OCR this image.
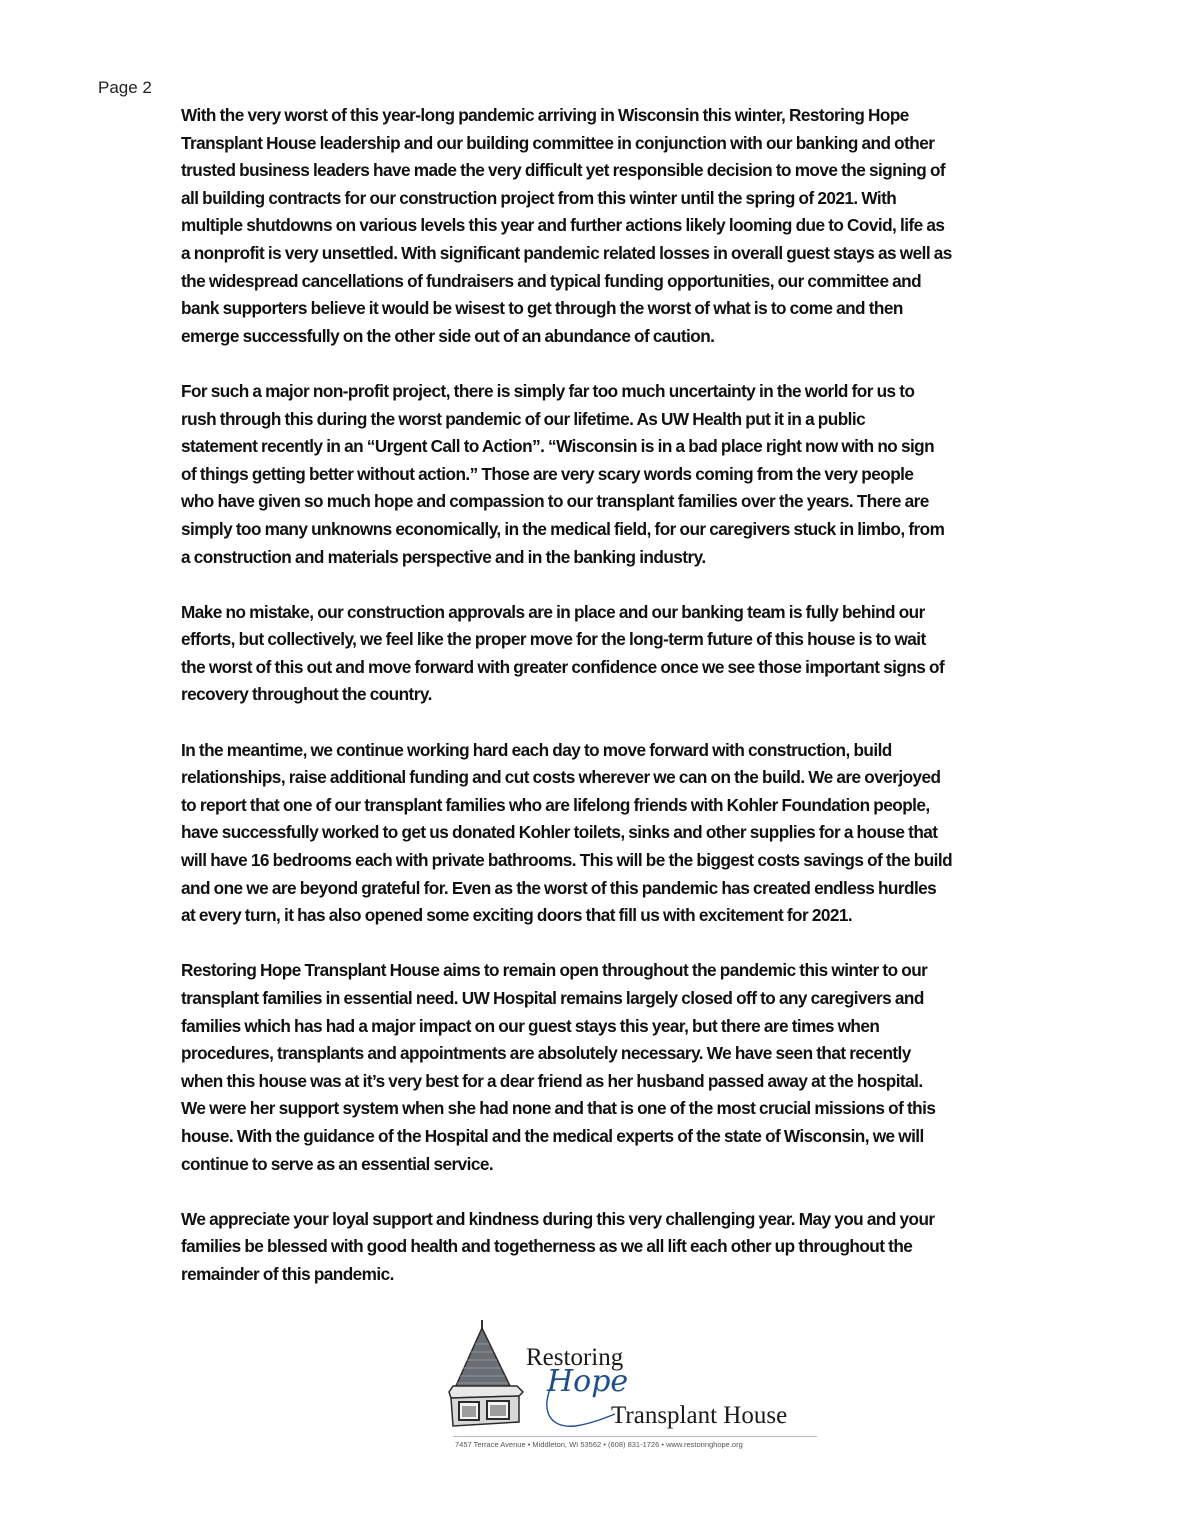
Page 2
With the very worst of this year-long pandemic arriving in Wisconsin this winter, Restoring Hope
Transplant House leadership and our building committee in conjunction with our banking and other
trusted business leaders have made the very difficult yet responsible decision to move the signing of
all building contracts for our construction project from this winter until the spring of 2021. With
multiple shutdowns on various levels this year and further actions likely looming due to Covid, life as
a nonprofit is very unsettled. With significant pandemic related losses in overall guest stays as well as
the widespread cancellations of fundraisers and typical funding opportunities, our committee and
bank supporters believe it would be wisest to get through the worst of what is to come and then
emerge successfully on the other side out of an abundance of caution.
For such a major non-profit project, there is simply far too much uncertainty in the world for us to
rush through this during the worst pandemic of our lifetime. As UW Health put it in a public
statement recently in an “Urgent Call to Action”. “Wisconsin is in a bad place right now with no sign
of things getting better without action.” Those are very scary words coming from the very people
who have given so much hope and compassion to our transplant families over the years. There are
simply too many unknowns economically, in the medical field, for our caregivers stuck in limbo, from
a construction and materials perspective and in the banking industry.
Make no mistake, our construction approvals are in place and our banking team is fully behind our
efforts, but collectively, we feel like the proper move for the long-term future of this house is to wait
the worst of this out and move forward with greater confidence once we see those important signs of
recovery throughout the country.
In the meantime, we continue working hard each day to move forward with construction, build
relationships, raise additional funding and cut costs wherever we can on the build. We are overjoyed
to report that one of our transplant families who are lifelong friends with Kohler Foundation people,
have successfully worked to get us donated Kohler toilets, sinks and other supplies for a house that
will have 16 bedrooms each with private bathrooms. This will be the biggest costs savings of the build
and one we are beyond grateful for. Even as the worst of this pandemic has created endless hurdles
at every turn, it has also opened some exciting doors that fill us with excitement for 2021.
Restoring Hope Transplant House aims to remain open throughout the pandemic this winter to our
transplant families in essential need. UW Hospital remains largely closed off to any caregivers and
families which has had a major impact on our guest stays this year, but there are times when
procedures, transplants and appointments are absolutely necessary. We have seen that recently
when this house was at it’s very best for a dear friend as her husband passed away at the hospital.
We were her support system when she had none and that is one of the most crucial missions of this
house. With the guidance of the Hospital and the medical experts of the state of Wisconsin, we will
continue to serve as an essential service.
We appreciate your loyal support and kindness during this very challenging year. May you and your
families be blessed with good health and togetherness as we all lift each other up throughout the
remainder of this pandemic.
Restoring
Hope
Transplant House
7457 Terrace Avenue • Middleton, WI 53562 • (608) 831-1726 • www.restoringhope.org
